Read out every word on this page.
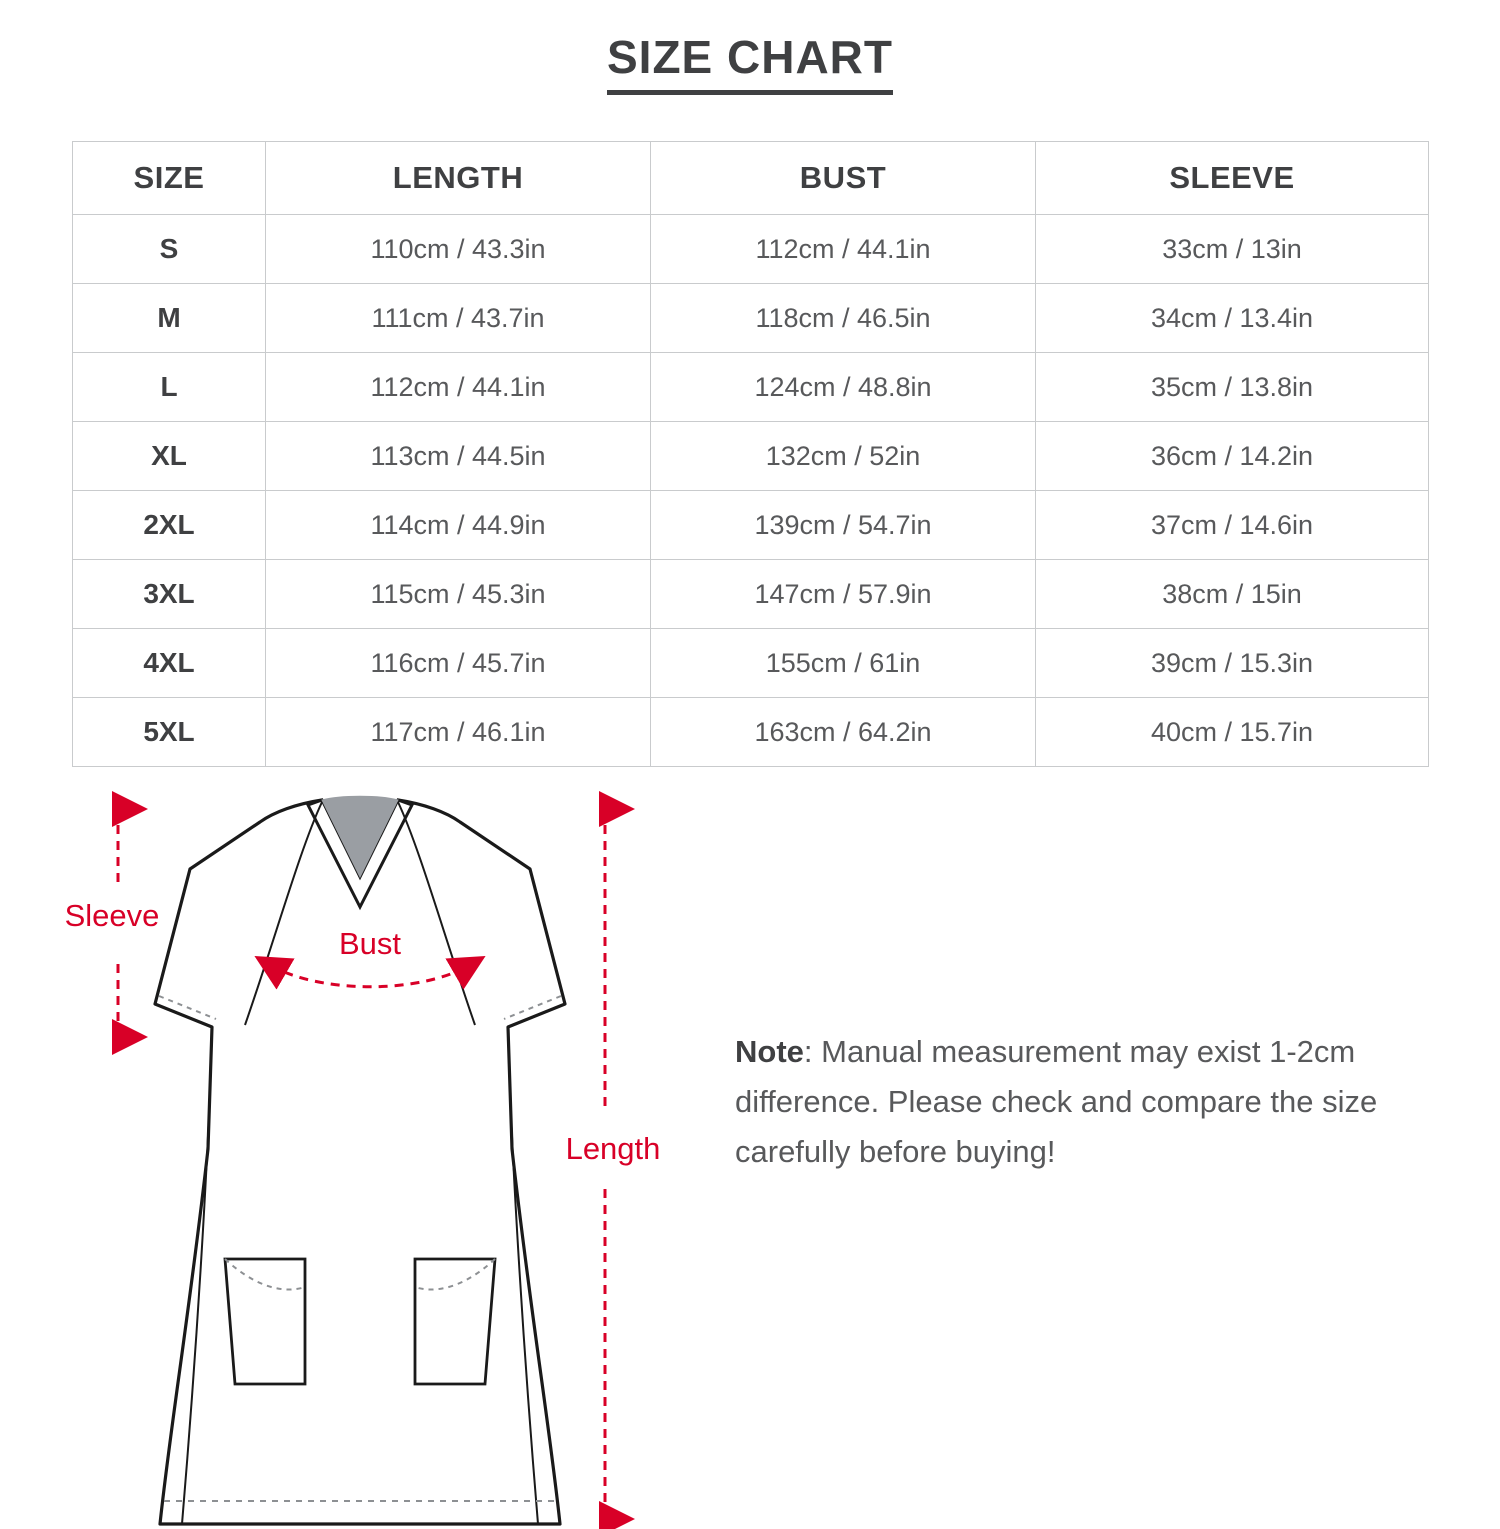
SIZE CHART
SIZE	LENGTH	BUST	SLEEVE
S	110cm / 43.3in	112cm / 44.1in	33cm / 13in
M	111cm / 43.7in	118cm / 46.5in	34cm / 13.4in
L	112cm / 44.1in	124cm / 48.8in	35cm / 13.8in
XL	113cm / 44.5in	132cm / 52in	36cm / 14.2in
2XL	114cm / 44.9in	139cm / 54.7in	37cm / 14.6in
3XL	115cm / 45.3in	147cm / 57.9in	38cm / 15in
4XL	116cm / 45.7in	155cm / 61in	39cm / 15.3in
5XL	117cm / 46.1in	163cm / 64.2in	40cm / 15.7in
Sleeve
Bust
Length
Note: Manual measurement may exist 1-2cm difference. Please check and compare the size carefully before buying!
